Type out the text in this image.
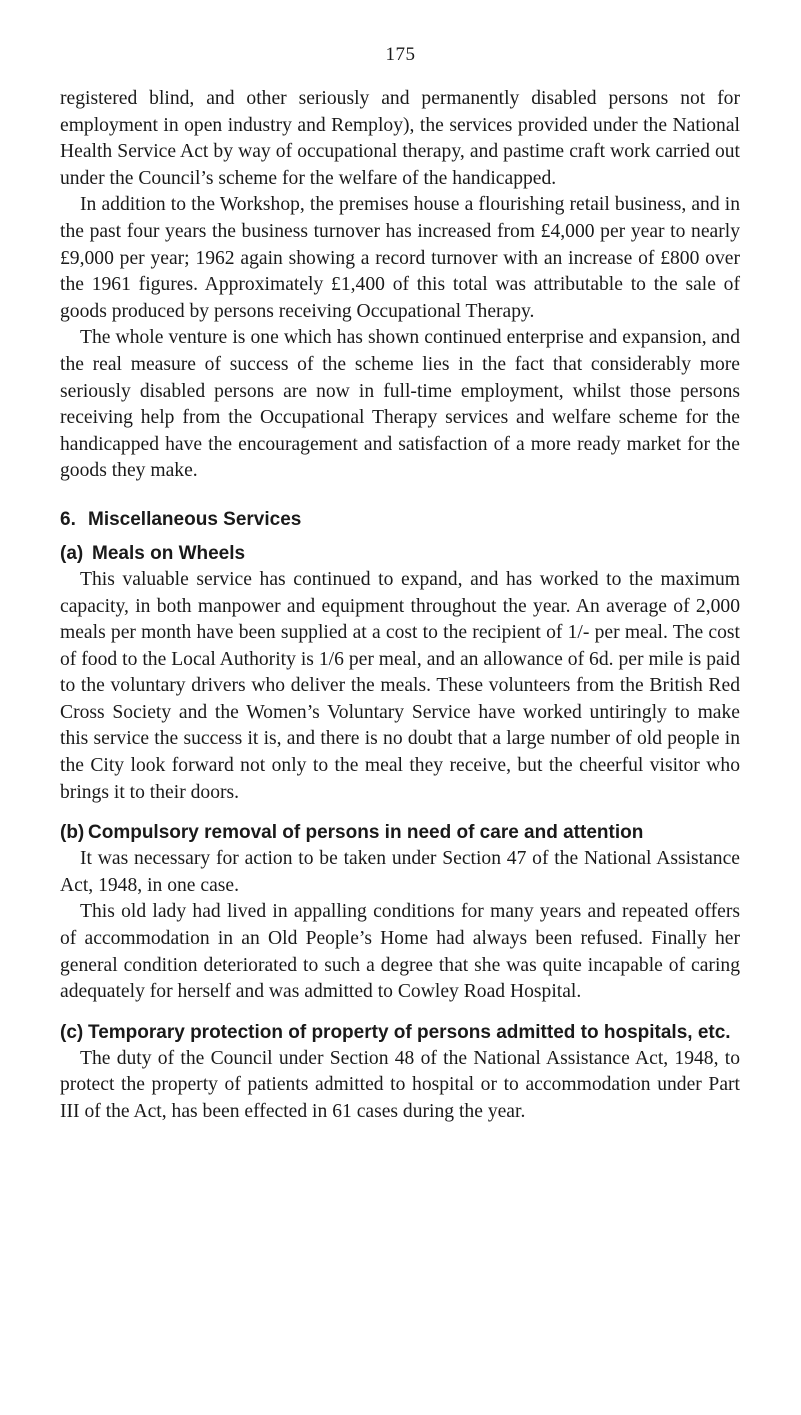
175

registered blind, and other seriously and permanently disabled persons not for employment in open industry and Remploy), the services provided under the National Health Service Act by way of occupational therapy, and pastime craft work carried out under the Council’s scheme for the welfare of the handicapped.

In addition to the Workshop, the premises house a flourishing retail business, and in the past four years the business turnover has increased from £4,000 per year to nearly £9,000 per year; 1962 again showing a record turnover with an increase of £800 over the 1961 figures. Approximately £1,400 of this total was attributable to the sale of goods produced by persons receiving Occupational Therapy.

The whole venture is one which has shown continued enterprise and expansion, and the real measure of success of the scheme lies in the fact that considerably more seriously disabled persons are now in full-time employment, whilst those persons receiving help from the Occupational Therapy services and welfare scheme for the handicapped have the encouragement and satisfaction of a more ready market for the goods they make.

6. Miscellaneous Services
(a) Meals on Wheels

This valuable service has continued to expand, and has worked to the maximum capacity, in both manpower and equipment throughout the year. An average of 2,000 meals per month have been supplied at a cost to the recipient of 1/- per meal. The cost of food to the Local Authority is 1/6 per meal, and an allowance of 6d. per mile is paid to the voluntary drivers who deliver the meals. These volunteers from the British Red Cross Society and the Women’s Voluntary Service have worked untiringly to make this service the success it is, and there is no doubt that a large number of old people in the City look forward not only to the meal they receive, but the cheerful visitor who brings it to their doors.

(b) Compulsory removal of persons in need of care and attention

It was necessary for action to be taken under Section 47 of the National Assistance Act, 1948, in one case.

This old lady had lived in appalling conditions for many years and repeated offers of accommodation in an Old People’s Home had always been refused. Finally her general condition deteriorated to such a degree that she was quite incapable of caring adequately for herself and was admitted to Cowley Road Hospital.

(c) Temporary protection of property of persons admitted to hospitals, etc.

The duty of the Council under Section 48 of the National Assistance Act, 1948, to protect the property of patients admitted to hospital or to accommodation under Part III of the Act, has been effected in 61 cases during the year.
